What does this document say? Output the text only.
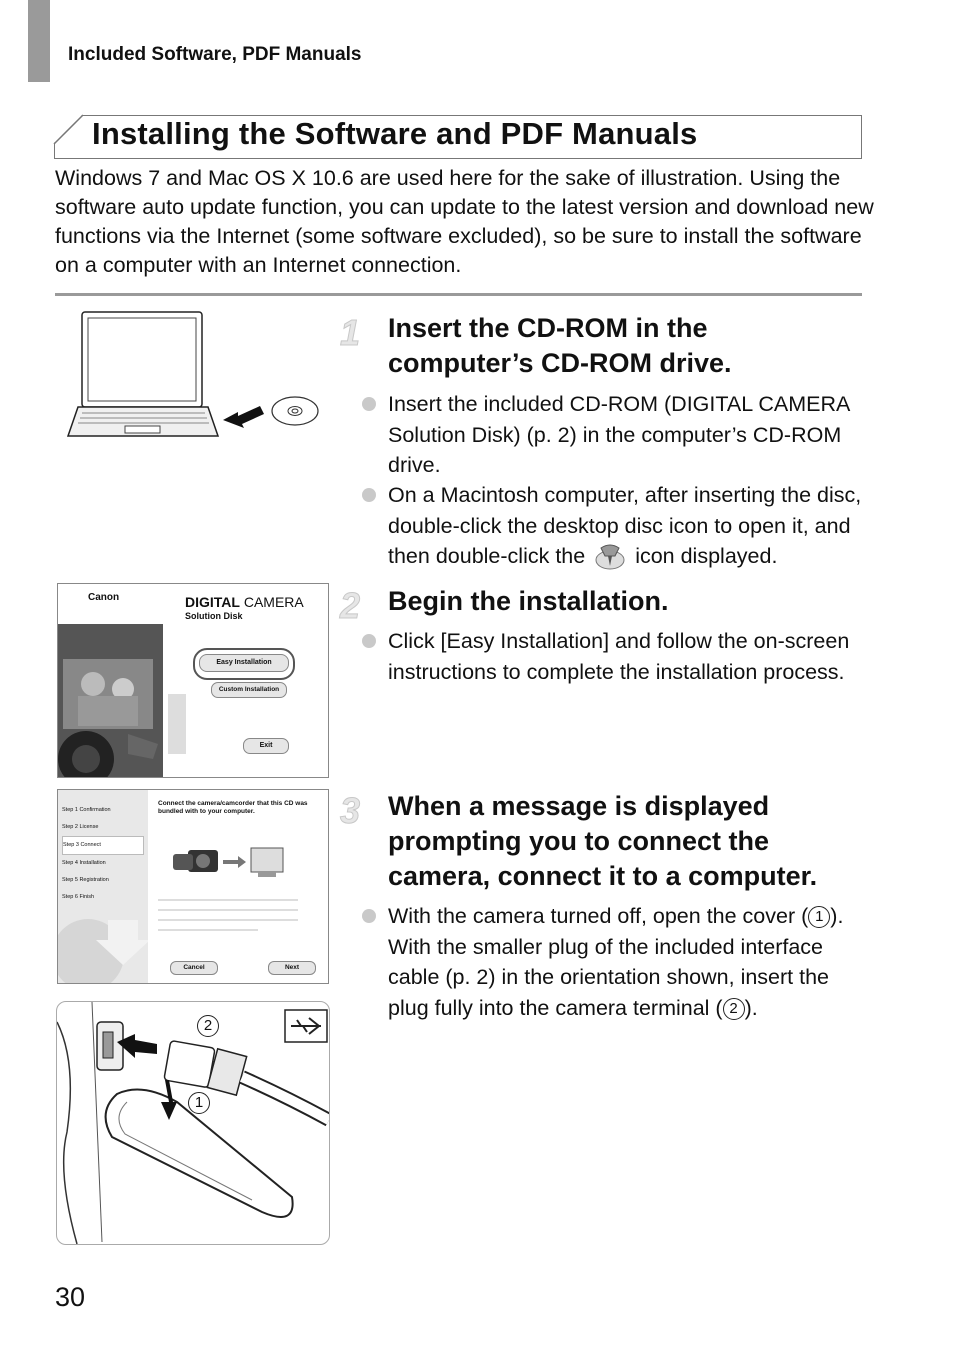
Included Software, PDF Manuals
Installing the Software and PDF Manuals
Windows 7 and Mac OS X 10.6 are used here for the sake of illustration. Using the software auto update function, you can update to the latest version and download new functions via the Internet (some software excluded), so be sure to install the software on a computer with an Internet connection.
1 Insert the CD-ROM in the
computer’s CD-ROM drive.
Insert the included CD-ROM (DIGITAL CAMERA Solution Disk) (p. 2) in the computer’s CD-ROM drive.
On a Macintosh computer, after inserting the disc, double-click the desktop disc icon to open it, and then double-click the icon displayed.
Canon	DIGITAL CAMERA
Solution Disk
Easy Installation
Custom Installation
Exit
2 Begin the installation.
Click [Easy Installation] and follow the on-screen instructions to complete the installation process.
Connect the camera/camcorder that this CD was bundled with to your computer.
Step 1 Confirmation
Step 2 License
Step 3 Connect
Step 4 Installation
Step 5 Registration
Step 6 Finish
Cancel	Next
3 When a message is displayed
prompting you to connect the
camera, connect it to a computer.
With the camera turned off, open the cover ( 1 ). With the smaller plug of the included interface cable (p. 2) in the orientation shown, insert the plug fully into the camera terminal ( 2 ).
2
1
30
